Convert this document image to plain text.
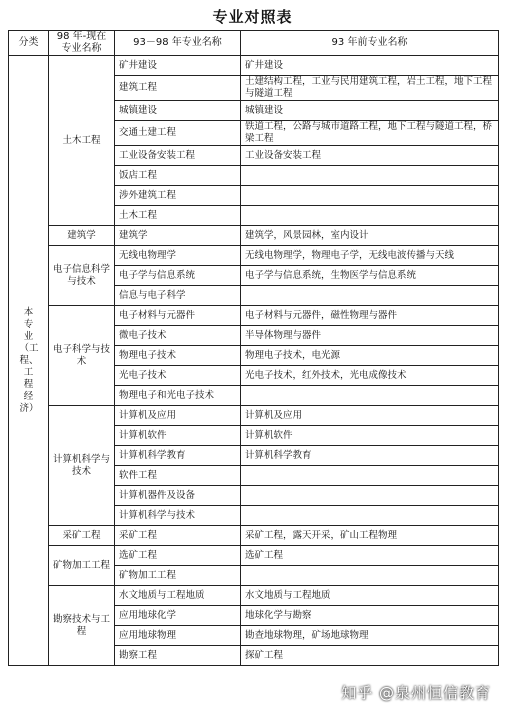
专业对照表
分类	98 年-现在专业名称	93－98 年专业名称	93 年前专业名称
本专业（工程、工程经济）	土木工程	矿井建设	矿井建设
		建筑工程	土建结构工程，工业与民用建筑工程，岩土工程，地下工程与隧道工程
		城镇建设	城镇建设
		交通土建工程	铁道工程，公路与城市道路工程，地下工程与隧道工程，桥梁工程
		工业设备安装工程	工业设备安装工程
		饭店工程	
		涉外建筑工程	
		土木工程	
	建筑学	建筑学	建筑学，风景园林，室内设计
	电子信息科学与技术	无线电物理学	无线电物理学，物理电子学，无线电波传播与天线
		电子学与信息系统	电子学与信息系统，生物医学与信息系统
		信息与电子科学	
	电子科学与技术	电子材料与元器件	电子材料与元器件，磁性物理与器件
		微电子技术	半导体物理与器件
		物理电子技术	物理电子技术，电光源
		光电子技术	光电子技术，红外技术，光电成像技术
		物理电子和光电子技术	
	计算机科学与技术	计算机及应用	计算机及应用
		计算机软件	计算机软件
		计算机科学教育	计算机科学教育
		软件工程	
		计算机器件及设备	
		计算机科学与技术	
	采矿工程	采矿工程	采矿工程，露天开采，矿山工程物理
	矿物加工工程	选矿工程	选矿工程
		矿物加工工程	
	勘察技术与工程	水文地质与工程地质	水文地质与工程地质
		应用地球化学	地球化学与勘察
		应用地球物理	勘查地球物理，矿场地球物理
		勘察工程	探矿工程
知乎 @泉州恒信教育
